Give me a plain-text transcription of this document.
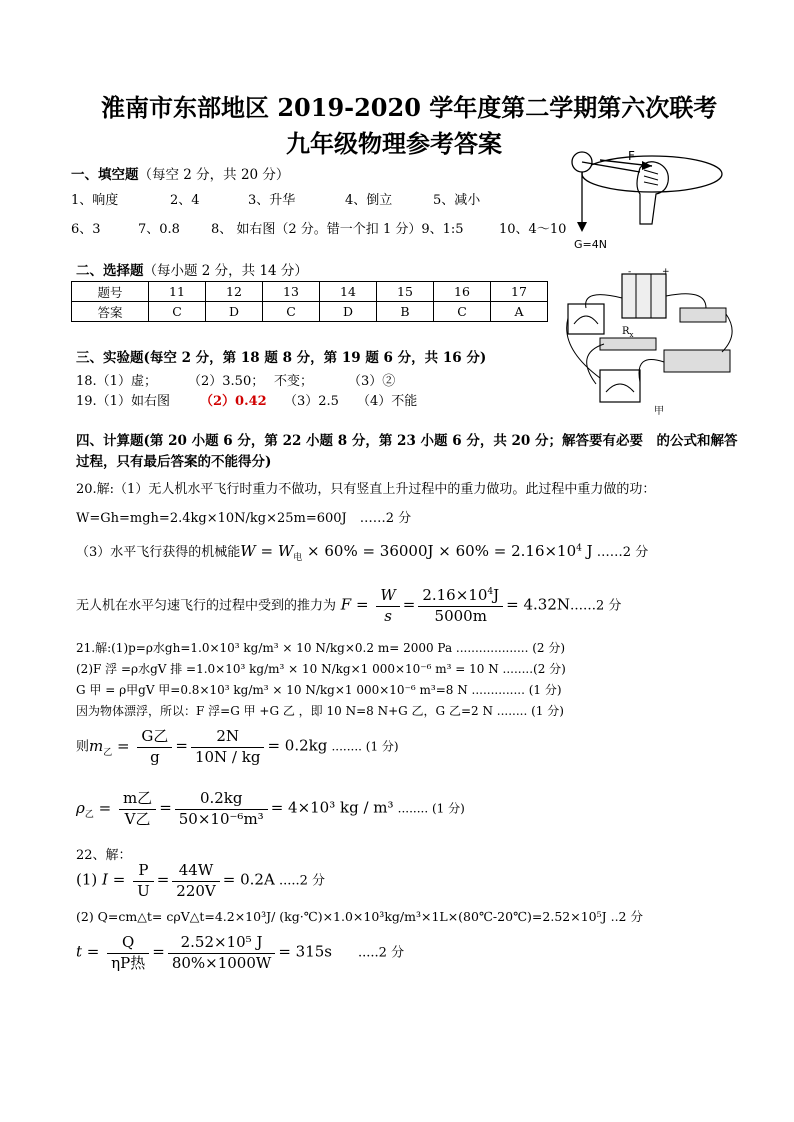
淮南市东部地区 2019-2020 学年度第二学期第六次联考
九年级物理参考答案
一、填空题（每空 2 分，共 20 分）
1、响度	2、4	3、升华	4、倒立	5、减小
6、3	7、0.8 8、 如右图（2 分。错一个扣 1 分）9、1:5	10、4～10
F
G=4N
二、选择题（每小题 2 分，共 14 分）
题号	11	12	13	14	15	16	17
答案	C	D	C	D	B	C	A
-	+
$R_x$
甲
三、实验题(每空 2 分，第 18 题 8 分，第 19 题 6 分，共 16 分)
18.（1）虚； （2）3.50； 不变；	（3）②
19.（1）如右图 （2）0.42 （3）2.5 （4）不能
四、计算题(第 20 小题 6 分，第 22 小题 8 分，第 23 小题 6 分，共 20 分；解答要有必要　的公式和解答
过程，只有最后答案的不能得分)
20.解:（1）无人机水平飞行时重力不做功，只有竖直上升过程中的重力做功。此过程中重力做的功：
W=Gh=mgh=2.4kg×10N/kg×25m=600J　……2 分
（3）水平飞行获得的机械能$W = W_电 \times 60\% = 36000J \times 60\% = 2.16\times 10^4$ J ……2 分
无人机在水平匀速飞行的过程中受到的推力为 $F = \frac{W}{s} = \frac{2.16\times 10^4J}{5000m}$ = 4.32N……2 分
21.解:(1)p=ρ水gh=1.0×10³ kg/m³ × 10 N/kg×0.2 m= 2000 Pa ................... (2 分)
(2)F 浮 =ρ水gV 排 =1.0×10³ kg/m³ × 10 N/kg×1 000×10⁻⁶ m³ = 10 N ........(2 分)
G 甲 = ρ甲gV 甲=0.8×10³ kg/m³ × 10 N/kg×1 000×10⁻⁶ m³=8 N .............. (1 分)
因为物体漂浮，所以：F 浮=G 甲 +G 乙 ，即 10 N=8 N+G 乙，G 乙=2 N ........ (1 分)
则$m_乙 = \frac{\text{G乙}}{g} = \frac{2N}{10N / kg} = 0.2kg$ ........ (1 分)
$\rho_乙 = \frac{\text{m乙}}{\text{V乙}} = \frac{0.2kg}{\text{50×10⁻⁶m³}} = 4\times 10^3$ kg / m³ ........ (1 分)
22、解：
(1) $I = \frac{P}{U} = \frac{44W}{220V} = 0.2A$ .....2 分
(2) Q=cm△t= cρV△t=4.2×10³J/ (kg·℃)×1.0×10³kg/m³×1L×(80℃-20℃)=2.52×10⁵J ..2 分
$t = \frac{Q}{\text{ηP热}} = \frac{\text{2.52×10⁵ J}}{80\%\times 1000W} = 315s$　　 .....2 分
